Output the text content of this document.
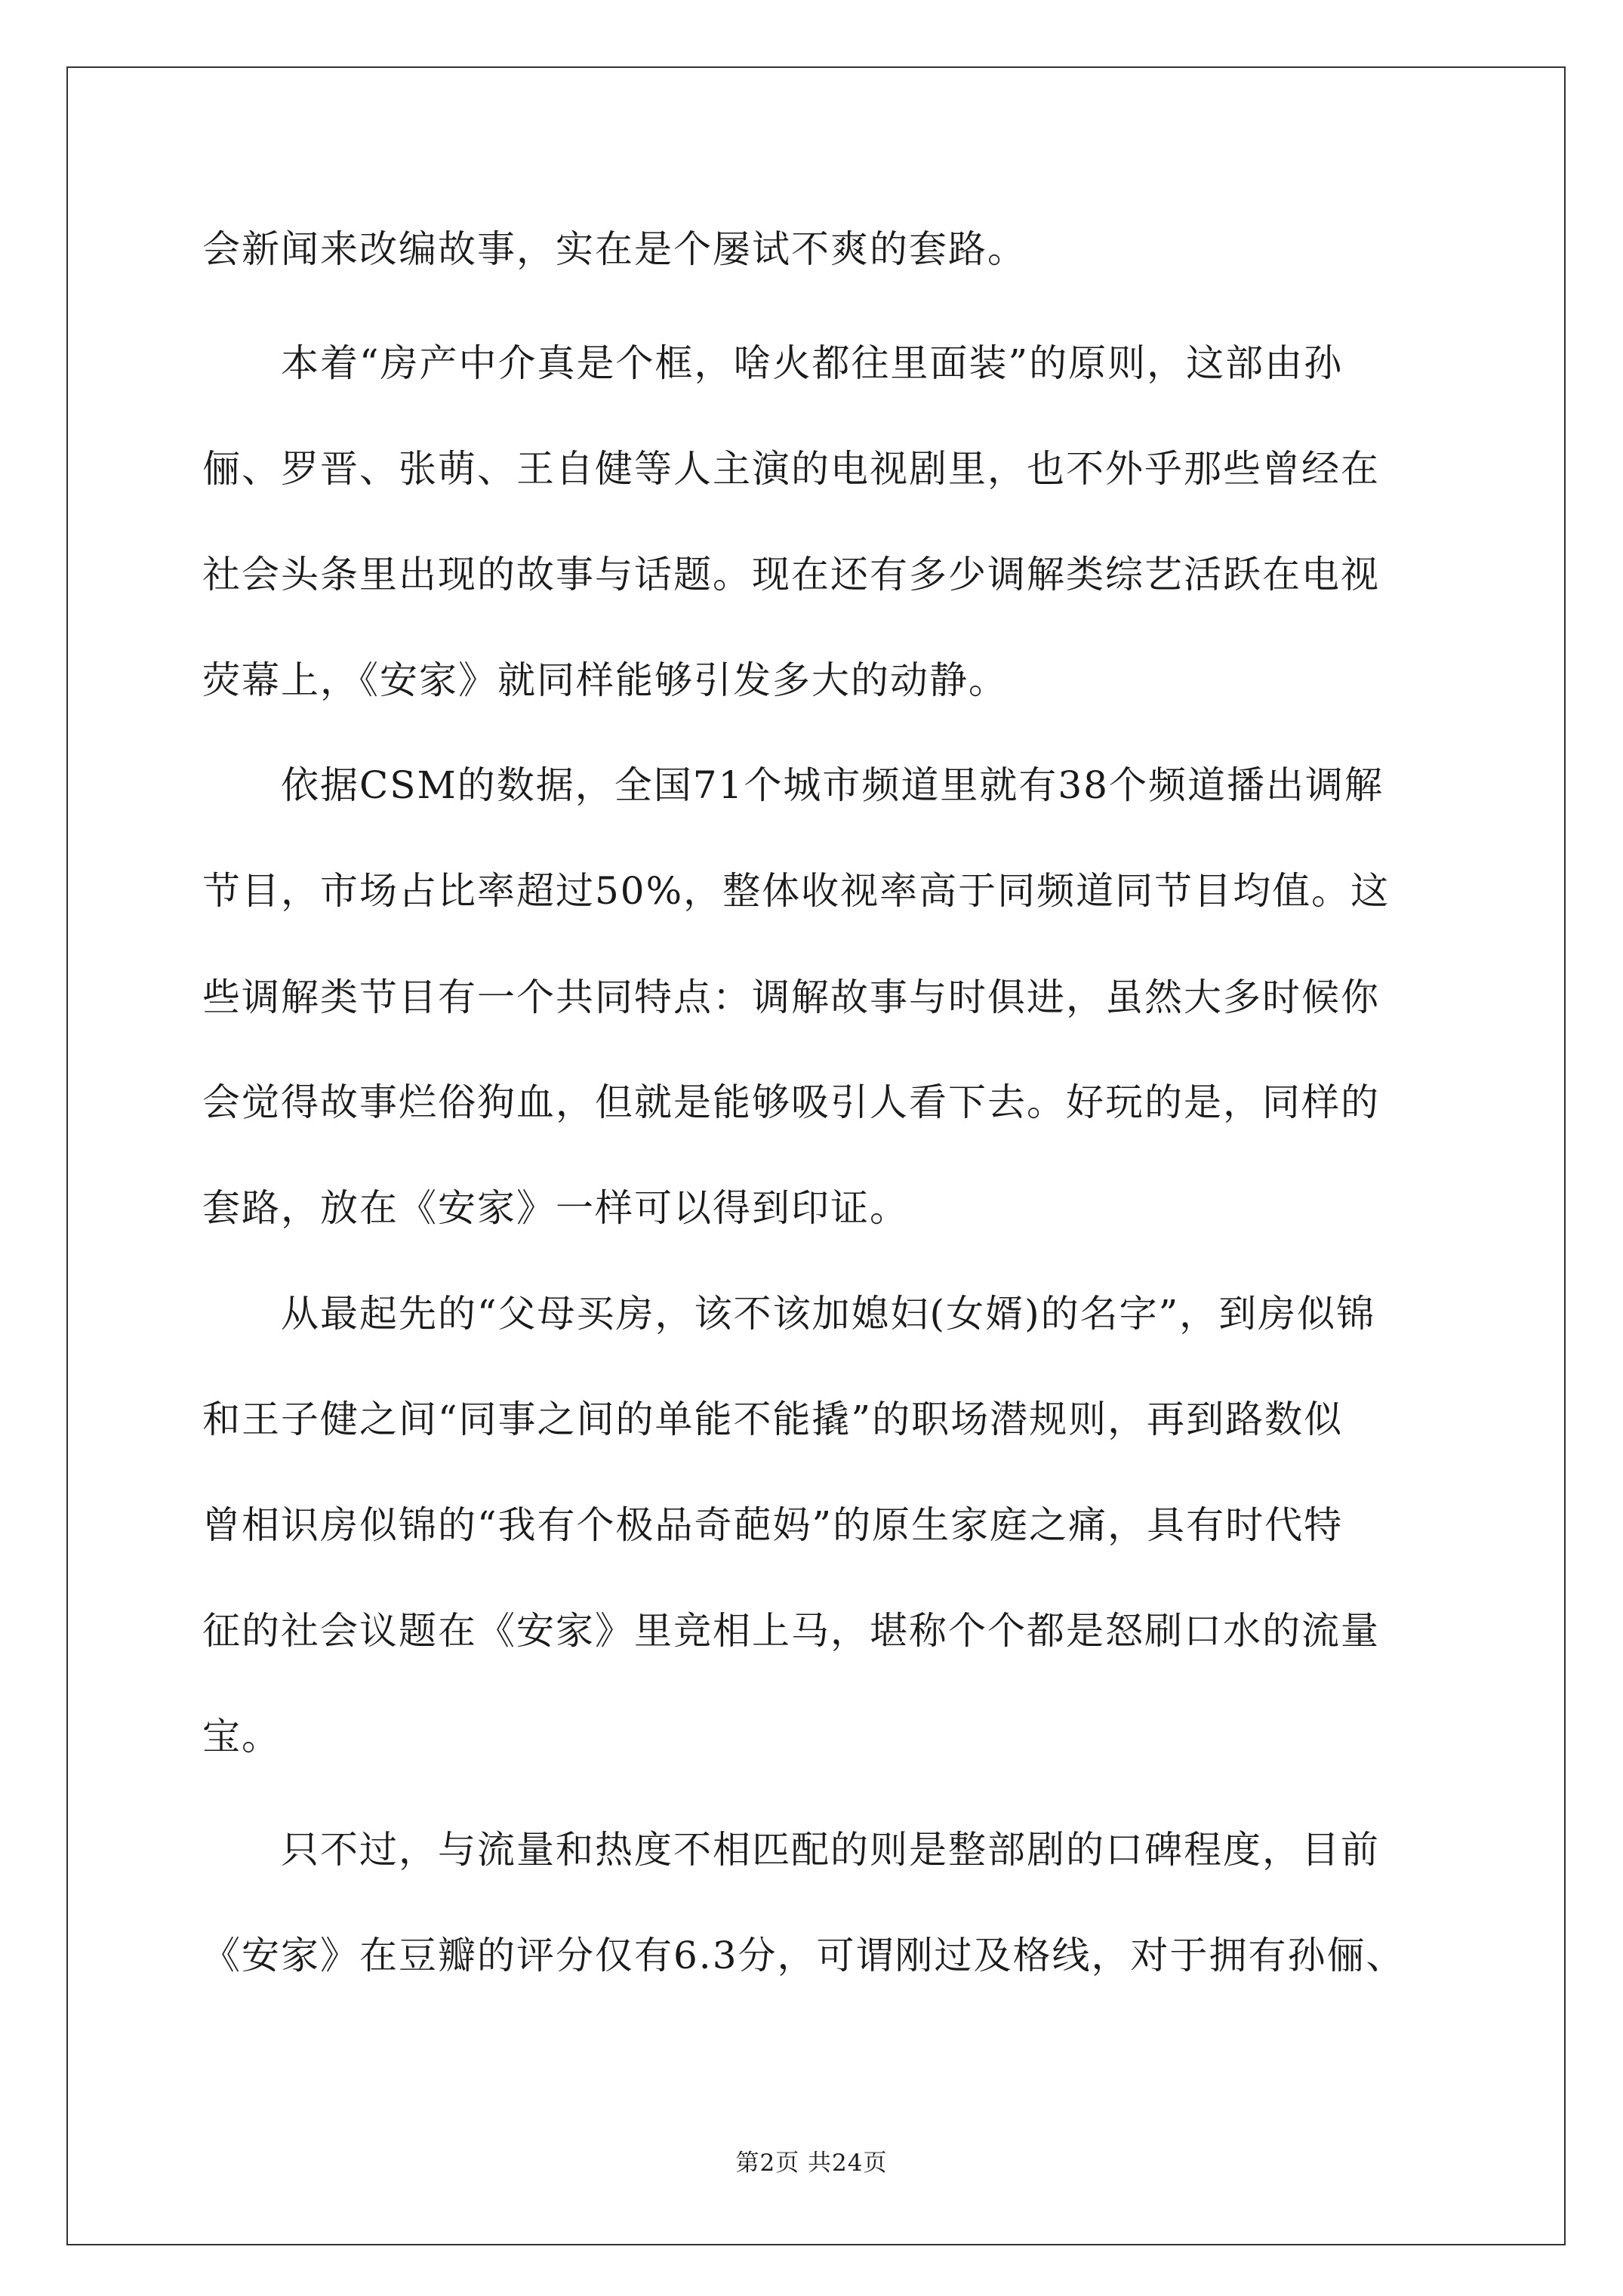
会新闻来改编故事，实在是个屡试不爽的套路。
本着“房产中介真是个框，啥火都往里面装”的原则，这部由孙
俪、罗晋、张萌、王自健等人主演的电视剧里，也不外乎那些曾经在
社会头条里出现的故事与话题。现在还有多少调解类综艺活跃在电视
荧幕上，《安家》就同样能够引发多大的动静。
依据CSM的数据，全国71个城市频道里就有38个频道播出调解
节目，市场占比率超过50%，整体收视率高于同频道同节目均值。这
些调解类节目有一个共同特点：调解故事与时俱进，虽然大多时候你
会觉得故事烂俗狗血，但就是能够吸引人看下去。好玩的是，同样的
套路，放在《安家》一样可以得到印证。
从最起先的“父母买房，该不该加媳妇(女婿)的名字”，到房似锦
和王子健之间“同事之间的单能不能撬”的职场潜规则，再到路数似
曾相识房似锦的“我有个极品奇葩妈”的原生家庭之痛，具有时代特
征的社会议题在《安家》里竞相上马，堪称个个都是怒刷口水的流量
宝。
只不过，与流量和热度不相匹配的则是整部剧的口碑程度，目前
《安家》在豆瓣的评分仅有6.3分，可谓刚过及格线，对于拥有孙俪、
第2页 共24页
